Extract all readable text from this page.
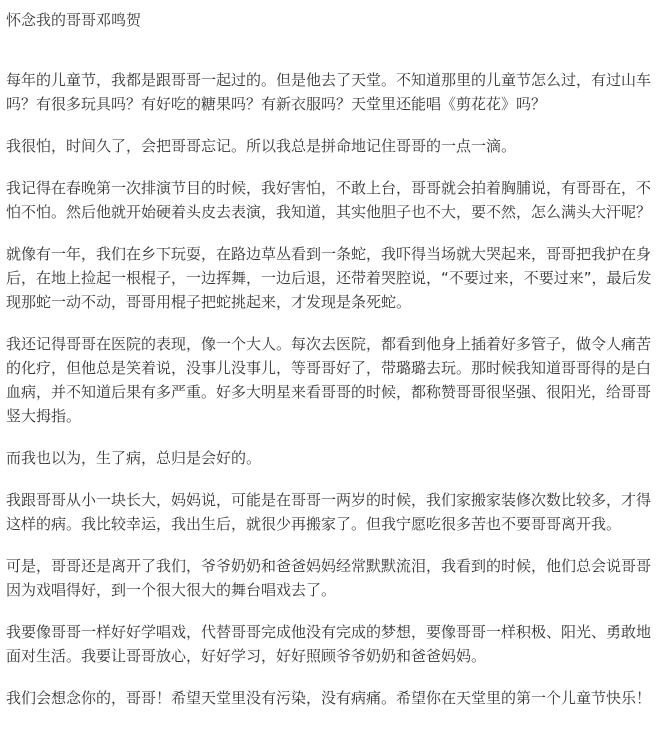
怀念我的哥哥邓鸣贺

每年的儿童节，我都是跟哥哥一起过的。但是他去了天堂。不知道那里的儿童节怎么过，有过山车吗？有很多玩具吗？有好吃的糖果吗？有新衣服吗？天堂里还能唱《剪花花》吗？

我很怕，时间久了，会把哥哥忘记。所以我总是拼命地记住哥哥的一点一滴。

我记得在春晚第一次排演节目的时候，我好害怕，不敢上台，哥哥就会拍着胸脯说，有哥哥在，不怕不怕。然后他就开始硬着头皮去表演，我知道，其实他胆子也不大，要不然，怎么满头大汗呢？

就像有一年，我们在乡下玩耍，在路边草丛看到一条蛇，我吓得当场就大哭起来，哥哥把我护在身后，在地上捡起一根棍子，一边挥舞，一边后退，还带着哭腔说，“不要过来，不要过来”，最后发现那蛇一动不动，哥哥用棍子把蛇挑起来，才发现是条死蛇。

我还记得哥哥在医院的表现，像一个大人。每次去医院，都看到他身上插着好多管子，做令人痛苦的化疗，但他总是笑着说，没事儿没事儿，等哥哥好了，带璐璐去玩。那时候我知道哥哥得的是白血病，并不知道后果有多严重。好多大明星来看哥哥的时候，都称赞哥哥很坚强、很阳光，给哥哥竖大拇指。

而我也以为，生了病，总归是会好的。

我跟哥哥从小一块长大，妈妈说，可能是在哥哥一两岁的时候，我们家搬家装修次数比较多，才得这样的病。我比较幸运，我出生后，就很少再搬家了。但我宁愿吃很多苦也不要哥哥离开我。

可是，哥哥还是离开了我们，爷爷奶奶和爸爸妈妈经常默默流泪，我看到的时候，他们总会说哥哥因为戏唱得好，到一个很大很大的舞台唱戏去了。

我要像哥哥一样好好学唱戏，代替哥哥完成他没有完成的梦想，要像哥哥一样积极、阳光、勇敢地面对生活。我要让哥哥放心，好好学习，好好照顾爷爷奶奶和爸爸妈妈。

我们会想念你的，哥哥！希望天堂里没有污染，没有病痛。希望你在天堂里的第一个儿童节快乐！
